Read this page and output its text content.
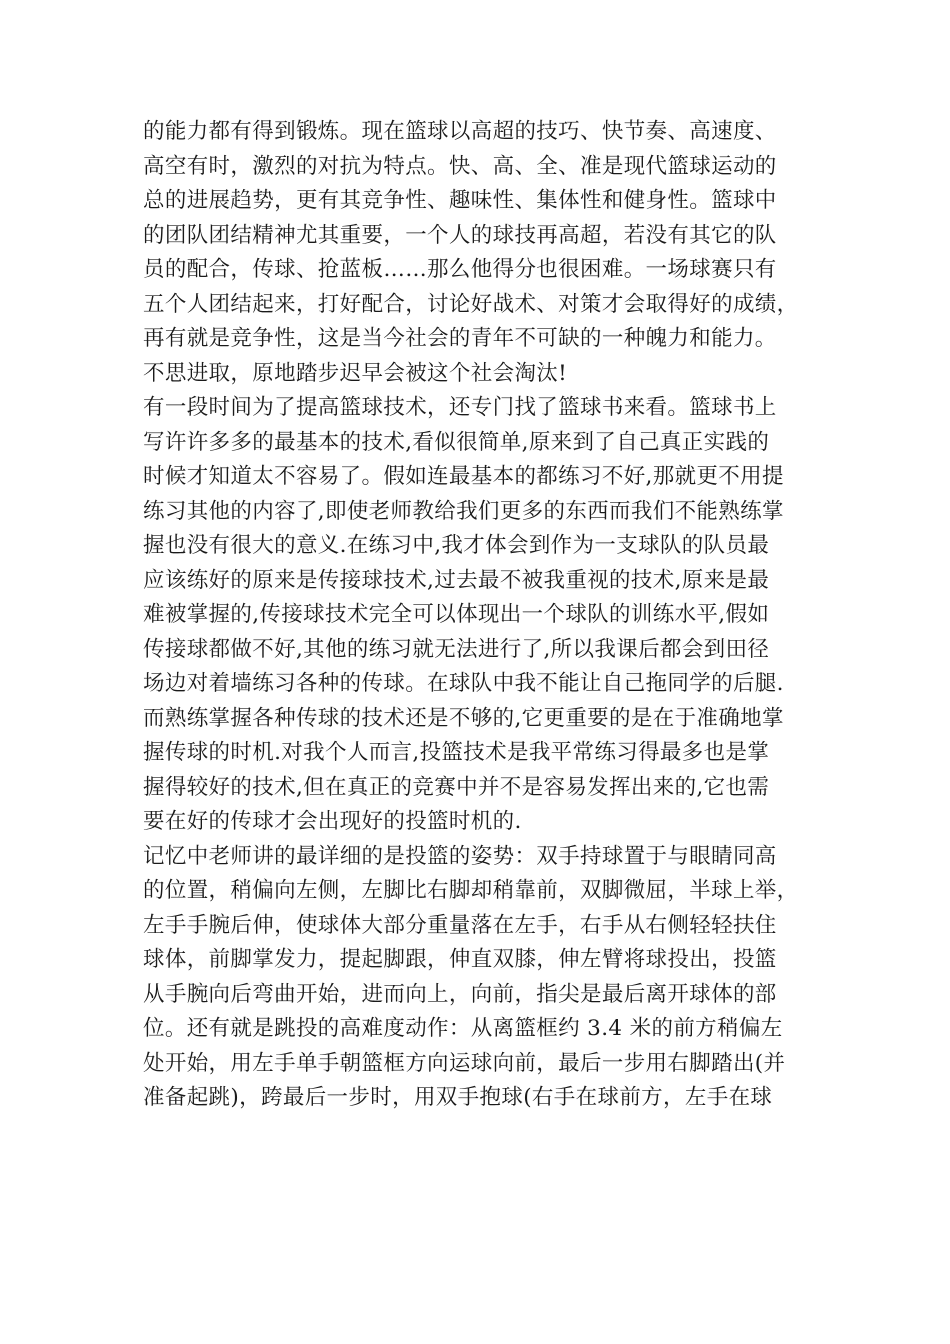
的能力都有得到锻炼。现在篮球以高超的技巧、快节奏、高速度、
高空有时，激烈的对抗为特点。快、高、全、准是现代篮球运动的
总的进展趋势，更有其竞争性、趣味性、集体性和健身性。篮球中
的团队团结精神尤其重要，一个人的球技再高超，若没有其它的队
员的配合，传球、抢蓝板……那么他得分也很困难。一场球赛只有
五个人团结起来，打好配合，讨论好战术、对策才会取得好的成绩，
再有就是竞争性，这是当今社会的青年不可缺的一种魄力和能力。
不思进取，原地踏步迟早会被这个社会淘汰!
有一段时间为了提高篮球技术，还专门找了篮球书来看。篮球书上
写许许多多的最基本的技术,看似很简单,原来到了自己真正实践的
时候才知道太不容易了。假如连最基本的都练习不好,那就更不用提
练习其他的内容了,即使老师教给我们更多的东西而我们不能熟练掌
握也没有很大的意义.在练习中,我才体会到作为一支球队的队员最
应该练好的原来是传接球技术,过去最不被我重视的技术,原来是最
难被掌握的,传接球技术完全可以体现出一个球队的训练水平,假如
传接球都做不好,其他的练习就无法进行了,所以我课后都会到田径
场边对着墙练习各种的传球。在球队中我不能让自己拖同学的后腿.
而熟练掌握各种传球的技术还是不够的,它更重要的是在于准确地掌
握传球的时机.对我个人而言,投篮技术是我平常练习得最多也是掌
握得较好的技术,但在真正的竞赛中并不是容易发挥出来的,它也需
要在好的传球才会出现好的投篮时机的.
记忆中老师讲的最详细的是投篮的姿势：双手持球置于与眼睛同高
的位置，稍偏向左侧，左脚比右脚却稍靠前，双脚微屈，半球上举，
左手手腕后伸，使球体大部分重量落在左手，右手从右侧轻轻扶住
球体，前脚掌发力，提起脚跟，伸直双膝，伸左臂将球投出，投篮
从手腕向后弯曲开始，进而向上，向前，指尖是最后离开球体的部
位。还有就是跳投的高难度动作：从离篮框约 3.4 米的前方稍偏左
处开始，用左手单手朝篮框方向运球向前，最后一步用右脚踏出(并
准备起跳)，跨最后一步时，用双手抱球(右手在球前方，左手在球
